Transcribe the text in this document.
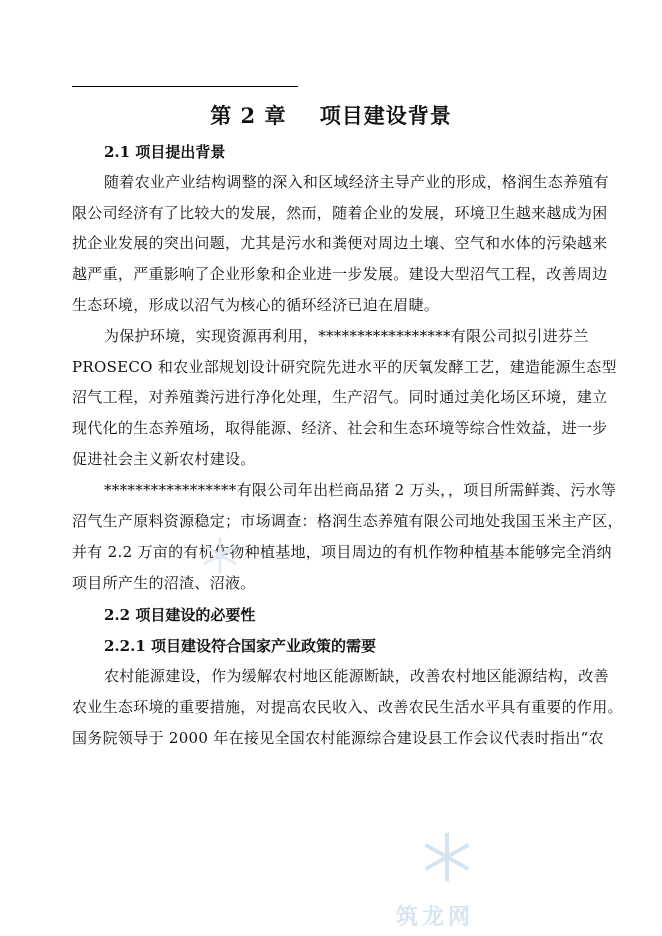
第 2 章    项目建设背景
2.1 项目提出背景
随着农业产业结构调整的深入和区域经济主导产业的形成，格润生态养殖有
限公司经济有了比较大的发展，然而，随着企业的发展，环境卫生越来越成为困
扰企业发展的突出问题，尤其是污水和粪便对周边土壤、空气和水体的污染越来
越严重，严重影响了企业形象和企业进一步发展。建设大型沼气工程，改善周边
生态环境，形成以沼气为核心的循环经济已迫在眉睫。
为保护环境，实现资源再利用，*****************有限公司拟引进芬兰
PROSECO 和农业部规划设计研究院先进水平的厌氧发酵工艺，建造能源生态型
沼气工程，对养殖粪污进行净化处理，生产沼气。同时通过美化场区环境，建立
现代化的生态养殖场，取得能源、经济、社会和生态环境等综合性效益，进一步
促进社会主义新农村建设。
*****************有限公司年出栏商品猪 2 万头，，项目所需鲜粪、污水等
沼气生产原料资源稳定；市场调查：格润生态养殖有限公司地处我国玉米主产区，
并有 2.2 万亩的有机作物种植基地，项目周边的有机作物种植基本能够完全消纳
项目所产生的沼渣、沼液。
2.2 项目建设的必要性
2.2.1 项目建设符合国家产业政策的需要
农村能源建设，作为缓解农村地区能源断缺，改善农村地区能源结构，改善
农业生态环境的重要措施，对提高农民收入、改善农民生活水平具有重要的作用。
国务院领导于 2000 年在接见全国农村能源综合建设县工作会议代表时指出“农
筑龙网
